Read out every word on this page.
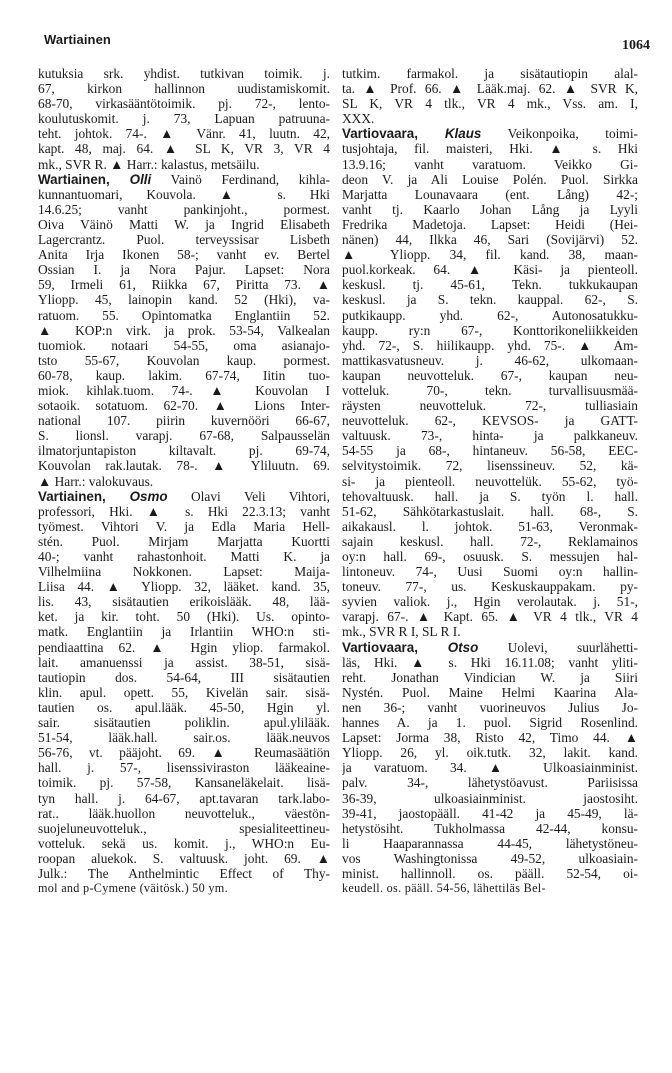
Wartiainen	1064
kutuksia srk. yhdist. tutkivan toimik. j.
67, kirkon hallinnon uudistamiskomit.
68-70, virkasääntötoimik. pj. 72-, lento-
koulutuskomit. j. 73, Lapuan patruuna-
teht. johtok. 74-. ▲ Vänr. 41, luutn. 42,
kapt. 48, maj. 64. ▲ SL K, VR 3, VR 4
mk., SVR R. ▲ Harr.: kalastus, metsäilu.
Wartiainen, Olli Vainö Ferdinand, kihla-
kunnantuomari, Kouvola. ▲ s. Hki
14.6.25; vanht pankinjoht., pormest.
Oiva Väinö Matti W. ja Ingrid Elisabeth
Lagercrantz. Puol. terveyssisar Lisbeth
Anita Irja Ikonen 58-; vanht ev. Bertel
Ossian I. ja Nora Pajur. Lapset: Nora
59, Irmeli 61, Riikka 67, Piritta 73. ▲
Yliopp. 45, lainopin kand. 52 (Hki), va-
ratuom. 55. Opintomatka Englantiin 52.
▲ KOP:n virk. ja prok. 53-54, Valkealan
tuomiok. notaari 54-55, oma asianajo-
tsto 55-67, Kouvolan kaup. pormest.
60-78, kaup. lakim. 67-74, Iitin tuo-
miok. kihlak.tuom. 74-. ▲ Kouvolan I
sotaoik. sotatuom. 62-70. ▲ Lions Inter-
national 107. piirin kuvernööri 66-67,
S. lionsl. varapj. 67-68, Salpausselän
ilmatorjuntapiston kiltavalt. pj. 69-74,
Kouvolan rak.lautak. 78-. ▲ Yliluutn. 69.
▲ Harr.: valokuvaus.
Vartiainen, Osmo Olavi Veli Vihtori,
professori, Hki. ▲ s. Hki 22.3.13; vanht
työmest. Vihtori V. ja Edla Maria Hell-
stén. Puol. Mirjam Marjatta Kuortti
40-; vanht rahastonhoit. Matti K. ja
Vilhelmiina Nokkonen. Lapset: Maija-
Liisa 44. ▲ Yliopp. 32, lääket. kand. 35,
lis. 43, sisätautien erikoislääk. 48, lää-
ket. ja kir. toht. 50 (Hki). Us. opinto-
matk. Englantiin ja Irlantiin WHO:n sti-
pendiaattina 62. ▲ Hgin yliop. farmakol.
lait. amanuenssi ja assist. 38-51, sisä-
tautiopin dos. 54-64, III sisätautien
klin. apul. opett. 55, Kivelän sair. sisä-
tautien os. apul.lääk. 45-50, Hgin yl.
sair. sisätautien poliklin. apul.ylilääk.
51-54, lääk.hall. sair.os. lääk.neuvos
56-76, vt. pääjoht. 69. ▲ Reumasäätiön
hall. j. 57-, lisenssiviraston lääkeaine-
toimik. pj. 57-58, Kansaneläkelait. lisä-
tyn hall. j. 64-67, apt.tavaran tark.labo-
rat.. lääk.huollon neuvotteluk., väestön-
suojeluneuvotteluk., spesialiteettineu-
votteluk. sekä us. komit. j., WHO:n Eu-
roopan aluekok. S. valtuusk. joht. 69. ▲
Julk.: The Anthelmintic Effect of Thy-
mol and p-Cymene (väitösk.) 50 ym.
tutkim. farmakol. ja sisätautiopin alal-
ta. ▲ Prof. 66. ▲ Lääk.maj. 62. ▲ SVR K,
SL K, VR 4 tlk., VR 4 mk., Vss. am. I,
XXX.
Vartiovaara, Klaus Veikonpoika, toimi-
tusjohtaja, fil. maisteri, Hki. ▲ s. Hki
13.9.16; vanht varatuom. Veikko Gi-
deon V. ja Ali Louise Polén. Puol. Sirkka
Marjatta Lounavaara (ent. Lång) 42-;
vanht tj. Kaarlo Johan Lång ja Lyyli
Fredrika Madetoja. Lapset: Heidi (Hei-
nänen) 44, Ilkka 46, Sari (Sovijärvi) 52.
▲ Yliopp. 34, fil. kand. 38, maan-
puol.korkeak. 64. ▲ Käsi- ja pienteoll.
keskusl. tj. 45-61, Tekn. tukkukaupan
keskusl. ja S. tekn. kauppal. 62-, S.
putkikaupp. yhd. 62-, Autonosatukku-
kaupp. ry:n 67-, Konttorikoneliikkeiden
yhd. 72-, S. hiilikaupp. yhd. 75-. ▲ Am-
mattikasvatusneuv. j. 46-62, ulkomaan-
kaupan neuvotteluk. 67-, kaupan neu-
votteluk. 70-, tekn. turvallisuusmää-
räysten neuvotteluk. 72-, tulliasiain
neuvotteluk. 62-, KEVSOS- ja GATT-
valtuusk. 73-, hinta- ja palkkaneuv.
54-55 ja 68-, hintaneuv. 56-58, EEC-
selvitystoimik. 72, lisenssineuv. 52, kä-
si- ja pienteoll. neuvottelük. 55-62, työ-
tehovaltuusk. hall. ja S. työn l. hall.
51-62, Sähkötarkastuslait. hall. 68-, S.
aikakausl. l. johtok. 51-63, Veronmak-
sajain keskusl. hall. 72-, Reklamainos
oy:n hall. 69-, osuusk. S. messujen hal-
lintoneuv. 74-, Uusi Suomi oy:n hallin-
toneuv. 77-, us. Keskuskauppakam. py-
syvien valiok. j., Hgin verolautak. j. 51-,
varapj. 67-. ▲ Kapt. 65. ▲ VR 4 tlk., VR 4
mk., SVR R I, SL R I.
Vartiovaara, Otso Uolevi, suurlähetti-
läs, Hki. ▲ s. Hki 16.11.08; vanht yliti-
reht. Jonathan Vindician W. ja Siiri
Nystén. Puol. Maine Helmi Kaarina Ala-
nen 36-; vanht vuorineuvos Julius Jo-
hannes A. ja 1. puol. Sigrid Rosenlind.
Lapset: Jorma 38, Risto 42, Timo 44. ▲
Yliopp. 26, yl. oik.tutk. 32, lakit. kand.
ja varatuom. 34. ▲ Ulkoasiainminist.
palv. 34-, lähetystöavust. Pariisissa
36-39, ulkoasiainminist. jaostosiht.
39-41, jaostopääll. 41-42 ja 45-49, lä-
hetystösiht. Tukholmassa 42-44, konsu-
li Haaparannassa 44-45, lähetystöneu-
vos Washingtonissa 49-52, ulkoasiain-
minist. hallinnoll. os. pääll. 52-54, oi-
keudell. os. pääll. 54-56, lähettiläs Bel-
